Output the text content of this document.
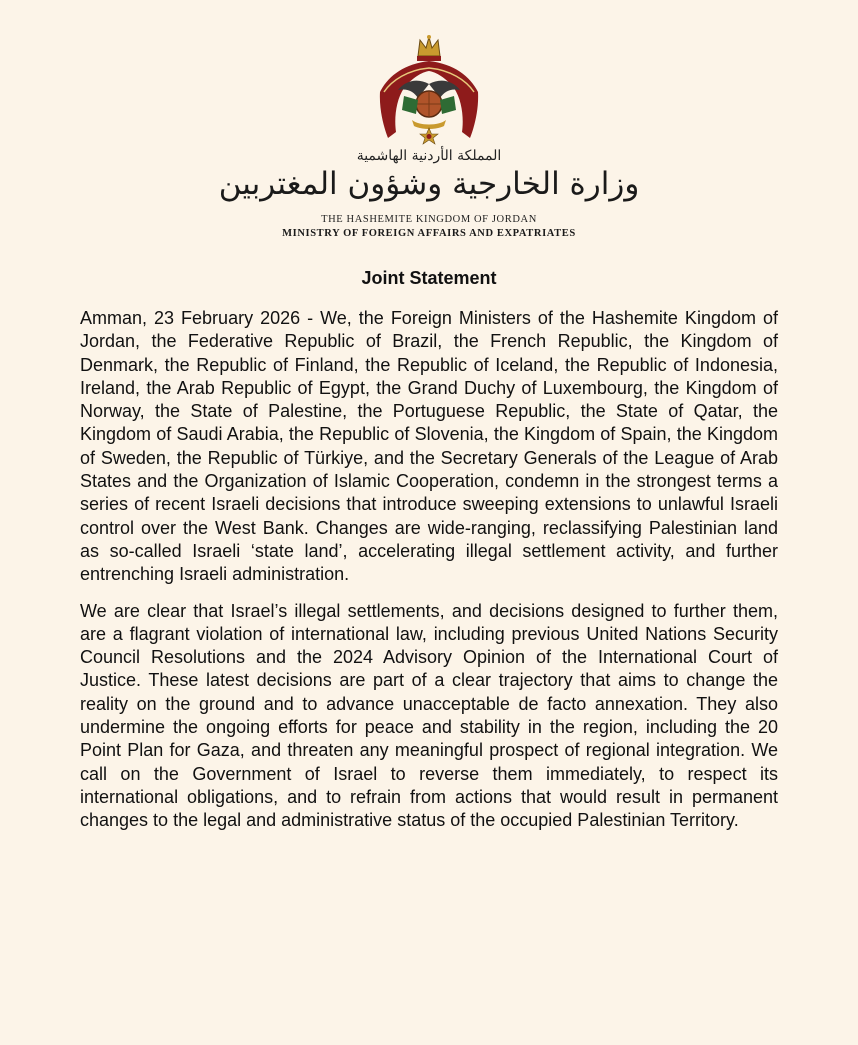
المملكة الأردنية الهاشمية
وزارة الخارجية وشؤون المغتربين
THE HASHEMITE KINGDOM OF JORDAN
MINISTRY OF FOREIGN AFFAIRS AND EXPATRIATES
Joint Statement

Amman, 23 February 2026 - We, the Foreign Ministers of the Hashemite Kingdom of Jordan, the Federative Republic of Brazil, the French Republic, the Kingdom of Denmark, the Republic of Finland, the Republic of Iceland, the Republic of Indonesia, Ireland, the Arab Republic of Egypt, the Grand Duchy of Luxembourg, the Kingdom of Norway, the State of Palestine, the Portuguese Republic, the State of Qatar, the Kingdom of Saudi Arabia, the Republic of Slovenia, the Kingdom of Spain, the Kingdom of Sweden, the Republic of Türkiye, and the Secretary Generals of the League of Arab States and the Organization of Islamic Cooperation, condemn in the strongest terms a series of recent Israeli decisions that introduce sweeping extensions to unlawful Israeli control over the West Bank. Changes are wide-ranging, reclassifying Palestinian land as so-called Israeli ‘state land’, accelerating illegal settlement activity, and further entrenching Israeli administration.

We are clear that Israel’s illegal settlements, and decisions designed to further them, are a flagrant violation of international law, including previous United Nations Security Council Resolutions and the 2024 Advisory Opinion of the International Court of Justice. These latest decisions are part of a clear trajectory that aims to change the reality on the ground and to advance unacceptable de facto annexation. They also undermine the ongoing efforts for peace and stability in the region, including the 20 Point Plan for Gaza, and threaten any meaningful prospect of regional integration. We call on the Government of Israel to reverse them immediately, to respect its international obligations, and to refrain from actions that would result in permanent changes to the legal and administrative status of the occupied Palestinian Territory.
